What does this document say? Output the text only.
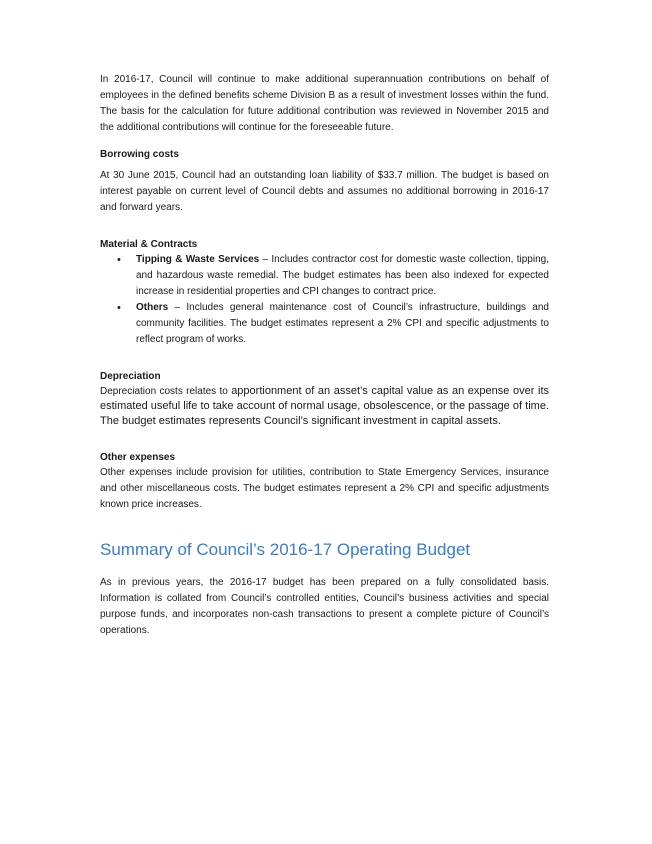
In 2016-17, Council will continue to make additional superannuation contributions on behalf of employees in the defined benefits scheme Division B as a result of investment losses within the fund. The basis for the calculation for future additional contribution was reviewed in November 2015 and the additional contributions will continue for the foreseeable future.

Borrowing costs

At 30 June 2015, Council had an outstanding loan liability of $33.7 million. The budget is based on interest payable on current level of Council debts and assumes no additional borrowing in 2016-17 and forward years.

Material & Contracts
• Tipping & Waste Services – Includes contractor cost for domestic waste collection, tipping, and hazardous waste remedial. The budget estimates has been also indexed for expected increase in residential properties and CPI changes to contract price.
• Others – Includes general maintenance cost of Council’s infrastructure, buildings and community facilities. The budget estimates represent a 2% CPI and specific adjustments to reflect program of works.
Depreciation

Depreciation costs relates to apportionment of an asset’s capital value as an expense over its estimated useful life to take account of normal usage, obsolescence, or the passage of time. The budget estimates represents Council’s significant investment in capital assets.

Other expenses

Other expenses include provision for utilities, contribution to State Emergency Services, insurance and other miscellaneous costs. The budget estimates represent a 2% CPI and specific adjustments known price increases.

Summary of Council’s 2016-17 Operating Budget

As in previous years, the 2016-17 budget has been prepared on a fully consolidated basis. Information is collated from Council’s controlled entities, Council’s business activities and special purpose funds, and incorporates non-cash transactions to present a complete picture of Council’s operations.
